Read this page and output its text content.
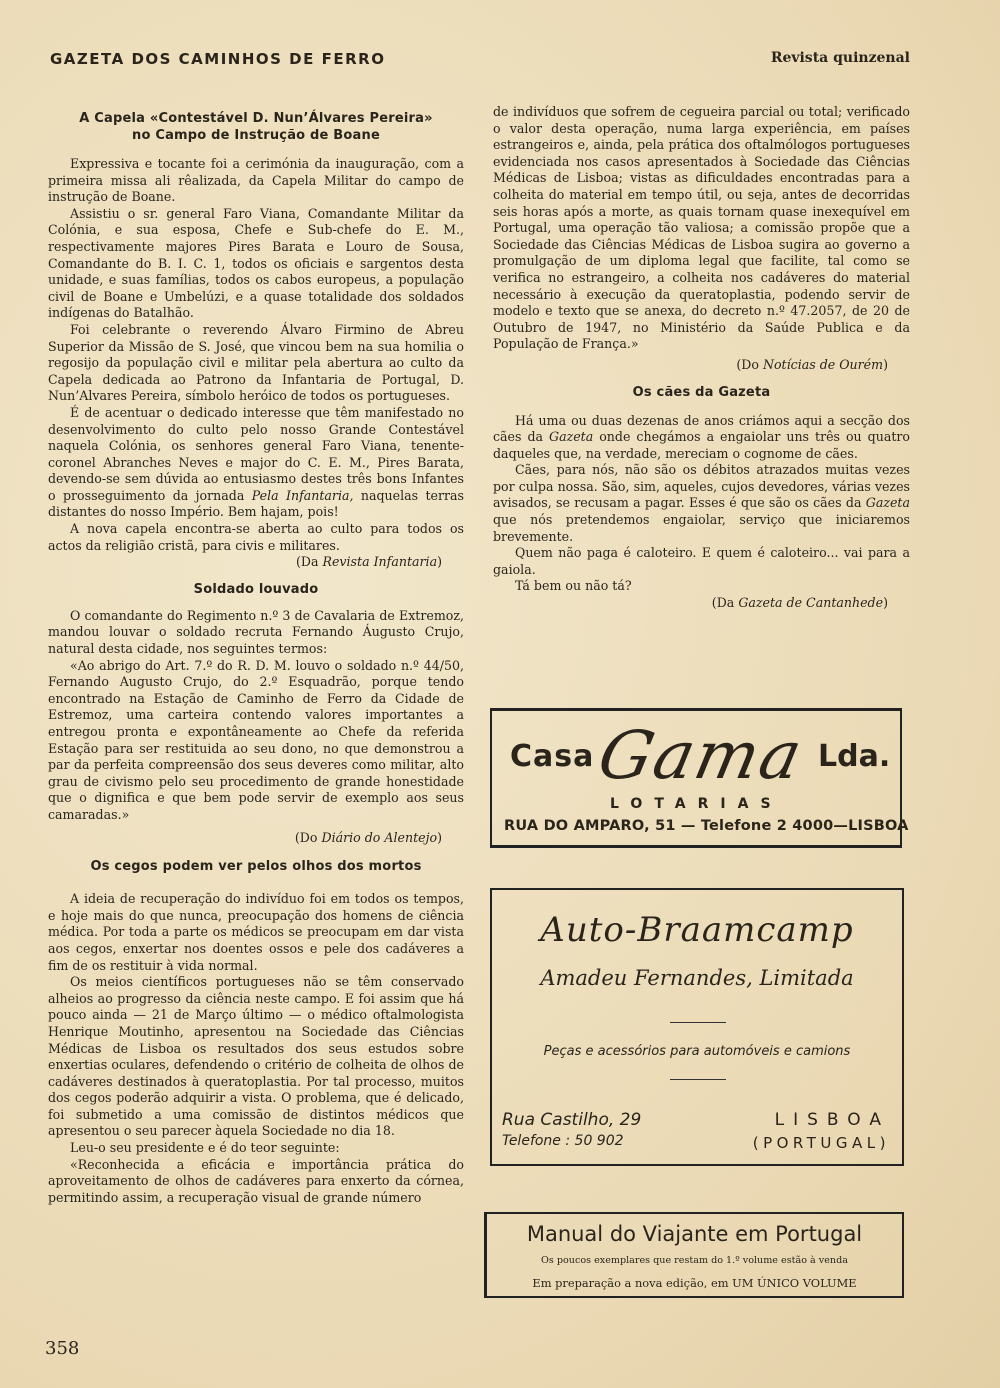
GAZETA DOS CAMINHOS DE FERRO	Revista quinzenal
A Capela «Contestável D. Nun’Álvares Pereira»
no Campo de Instrução de Boane

Expressiva e tocante foi a cerimónia da inauguração, com a primeira missa ali rêalizada, da Capela Militar do campo de instrução de Boane.

Assistiu o sr. general Faro Viana, Comandante Militar da Colónia, e sua esposa, Chefe e Sub-chefe do E. M., respectivamente majores Pires Barata e Louro de Sousa, Comandante do B. I. C. 1, todos os oficiais e sargentos desta unidade, e suas famílias, todos os cabos europeus, a população civil de Boane e Umbelúzi, e a quase totalidade dos soldados indígenas do Batalhão.

Foi celebrante o reverendo Álvaro Firmino de Abreu Superior da Missão de S. José, que vincou bem na sua homilia o regosijo da população civil e militar pela abertura ao culto da Capela dedicada ao Patrono da Infantaria de Portugal, D. Nun’Alvares Pereira, símbolo heróico de todos os portugueses.

É de acentuar o dedicado interesse que têm manifestado no desenvolvimento do culto pelo nosso Grande Contestável naquela Colónia, os senhores general Faro Viana, tenente-coronel Abranches Neves e major do C. E. M., Pires Barata, devendo-se sem dúvida ao entusiasmo destes três bons Infantes o prosseguimento da jornada Pela Infantaria, naquelas terras distantes do nosso Império. Bem hajam, pois!

A nova capela encontra-se aberta ao culto para todos os actos da religião cristã, para civis e militares.

(Da Revista Infantaria)

Soldado louvado

O comandante do Regimento n.º 3 de Cavalaria de Extremoz, mandou louvar o soldado recruta Fernando Áugusto Crujo, natural desta cidade, nos seguintes termos:

«Ao abrigo do Art. 7.º do R. D. M. louvo o soldado n.º 44/50, Fernando Augusto Crujo, do 2.º Esquadrão, porque tendo encontrado na Estação de Caminho de Ferro da Cidade de Estremoz, uma carteira contendo valores importantes a entregou pronta e expontâneamente ao Chefe da referida Estação para ser restituida ao seu dono, no que demonstrou a par da perfeita compreensão dos seus deveres como militar, alto grau de civismo pelo seu procedimento de grande honestidade que o dignifica e que bem pode servir de exemplo aos seus camaradas.»

(Do Diário do Alentejo)

Os cegos podem ver pelos olhos dos mortos

A ideia de recuperação do indivíduo foi em todos os tempos, e hoje mais do que nunca, preocupação dos homens de ciência médica. Por toda a parte os médicos se preocupam em dar vista aos cegos, enxertar nos doentes ossos e pele dos cadáveres a fim de os restituir à vida normal.

Os meios científicos portugueses não se têm conservado alheios ao progresso da ciência neste campo. E foi assim que há pouco ainda — 21 de Março último — o médico oftalmologista Henrique Moutinho, apresentou na Sociedade das Ciências Médicas de Lisboa os resultados dos seus estudos sobre enxertias oculares, defendendo o critério de colheita de olhos de cadáveres destinados à queratoplastia. Por tal processo, muitos dos cegos poderão adquirir a vista. O problema, que é delicado, foi submetido a uma comissão de distintos médicos que apresentou o seu parecer àquela Sociedade no dia 18.

Leu-o seu presidente e é do teor seguinte:

«Reconhecida a eficácia e importância prática do aproveitamento de olhos de cadáveres para enxerto da córnea, permitindo assim, a recuperação visual de grande número

de indivíduos que sofrem de cegueira parcial ou total; verificado o valor desta operação, numa larga experiência, em países estrangeiros e, ainda, pela prática dos oftalmólogos portugueses evidenciada nos casos apresentados à Sociedade das Ciências Médicas de Lisboa; vistas as dificuldades encontradas para a colheita do material em tempo útil, ou seja, antes de decorridas seis horas após a morte, as quais tornam quase inexequível em Portugal, uma operação tão valiosa; a comissão propõe que a Sociedade das Ciências Médicas de Lisboa sugira ao governo a promulgação de um diploma legal que facilite, tal como se verifica no estrangeiro, a colheita nos cadáveres do material necessário à execução da queratoplastia, podendo servir de modelo e texto que se anexa, do decreto n.º 47.2057, de 20 de Outubro de 1947, no Ministério da Saúde Publica e da População de França.»

(Do Notícias de Ourém)

Os cães da Gazeta

Há uma ou duas dezenas de anos criámos aqui a secção dos cães da Gazeta onde chegámos a engaiolar uns três ou quatro daqueles que, na verdade, mereciam o cognome de cães.

Cães, para nós, não são os débitos atrazados muitas vezes por culpa nossa. São, sim, aqueles, cujos devedores, várias vezes avisados, se recusam a pagar. Esses é que são os cães da Gazeta que nós pretendemos engaiolar, serviço que iniciaremos brevemente.

Quem não paga é caloteiro. E quem é caloteiro... vai para a gaiola.

Tá bem ou não tá?

(Da Gazeta de Cantanhede)

Casa
Gama Lda.
LOTARIAS
RUA DO AMPARO, 51 — Telefone 2 4000—LISBOA
Auto-Braamcamp
Amadeu Fernandes, Limitada
Peças e acessórios para automóveis e camions
Rua Castilho, 29
Telefone : 50 902
LISBOA
(PORTUGAL)
Manual do Viajante em Portugal
Os poucos exemplares que restam do 1.º volume estão à venda
Em preparação a nova edição, em UM ÚNICO VOLUME
358
